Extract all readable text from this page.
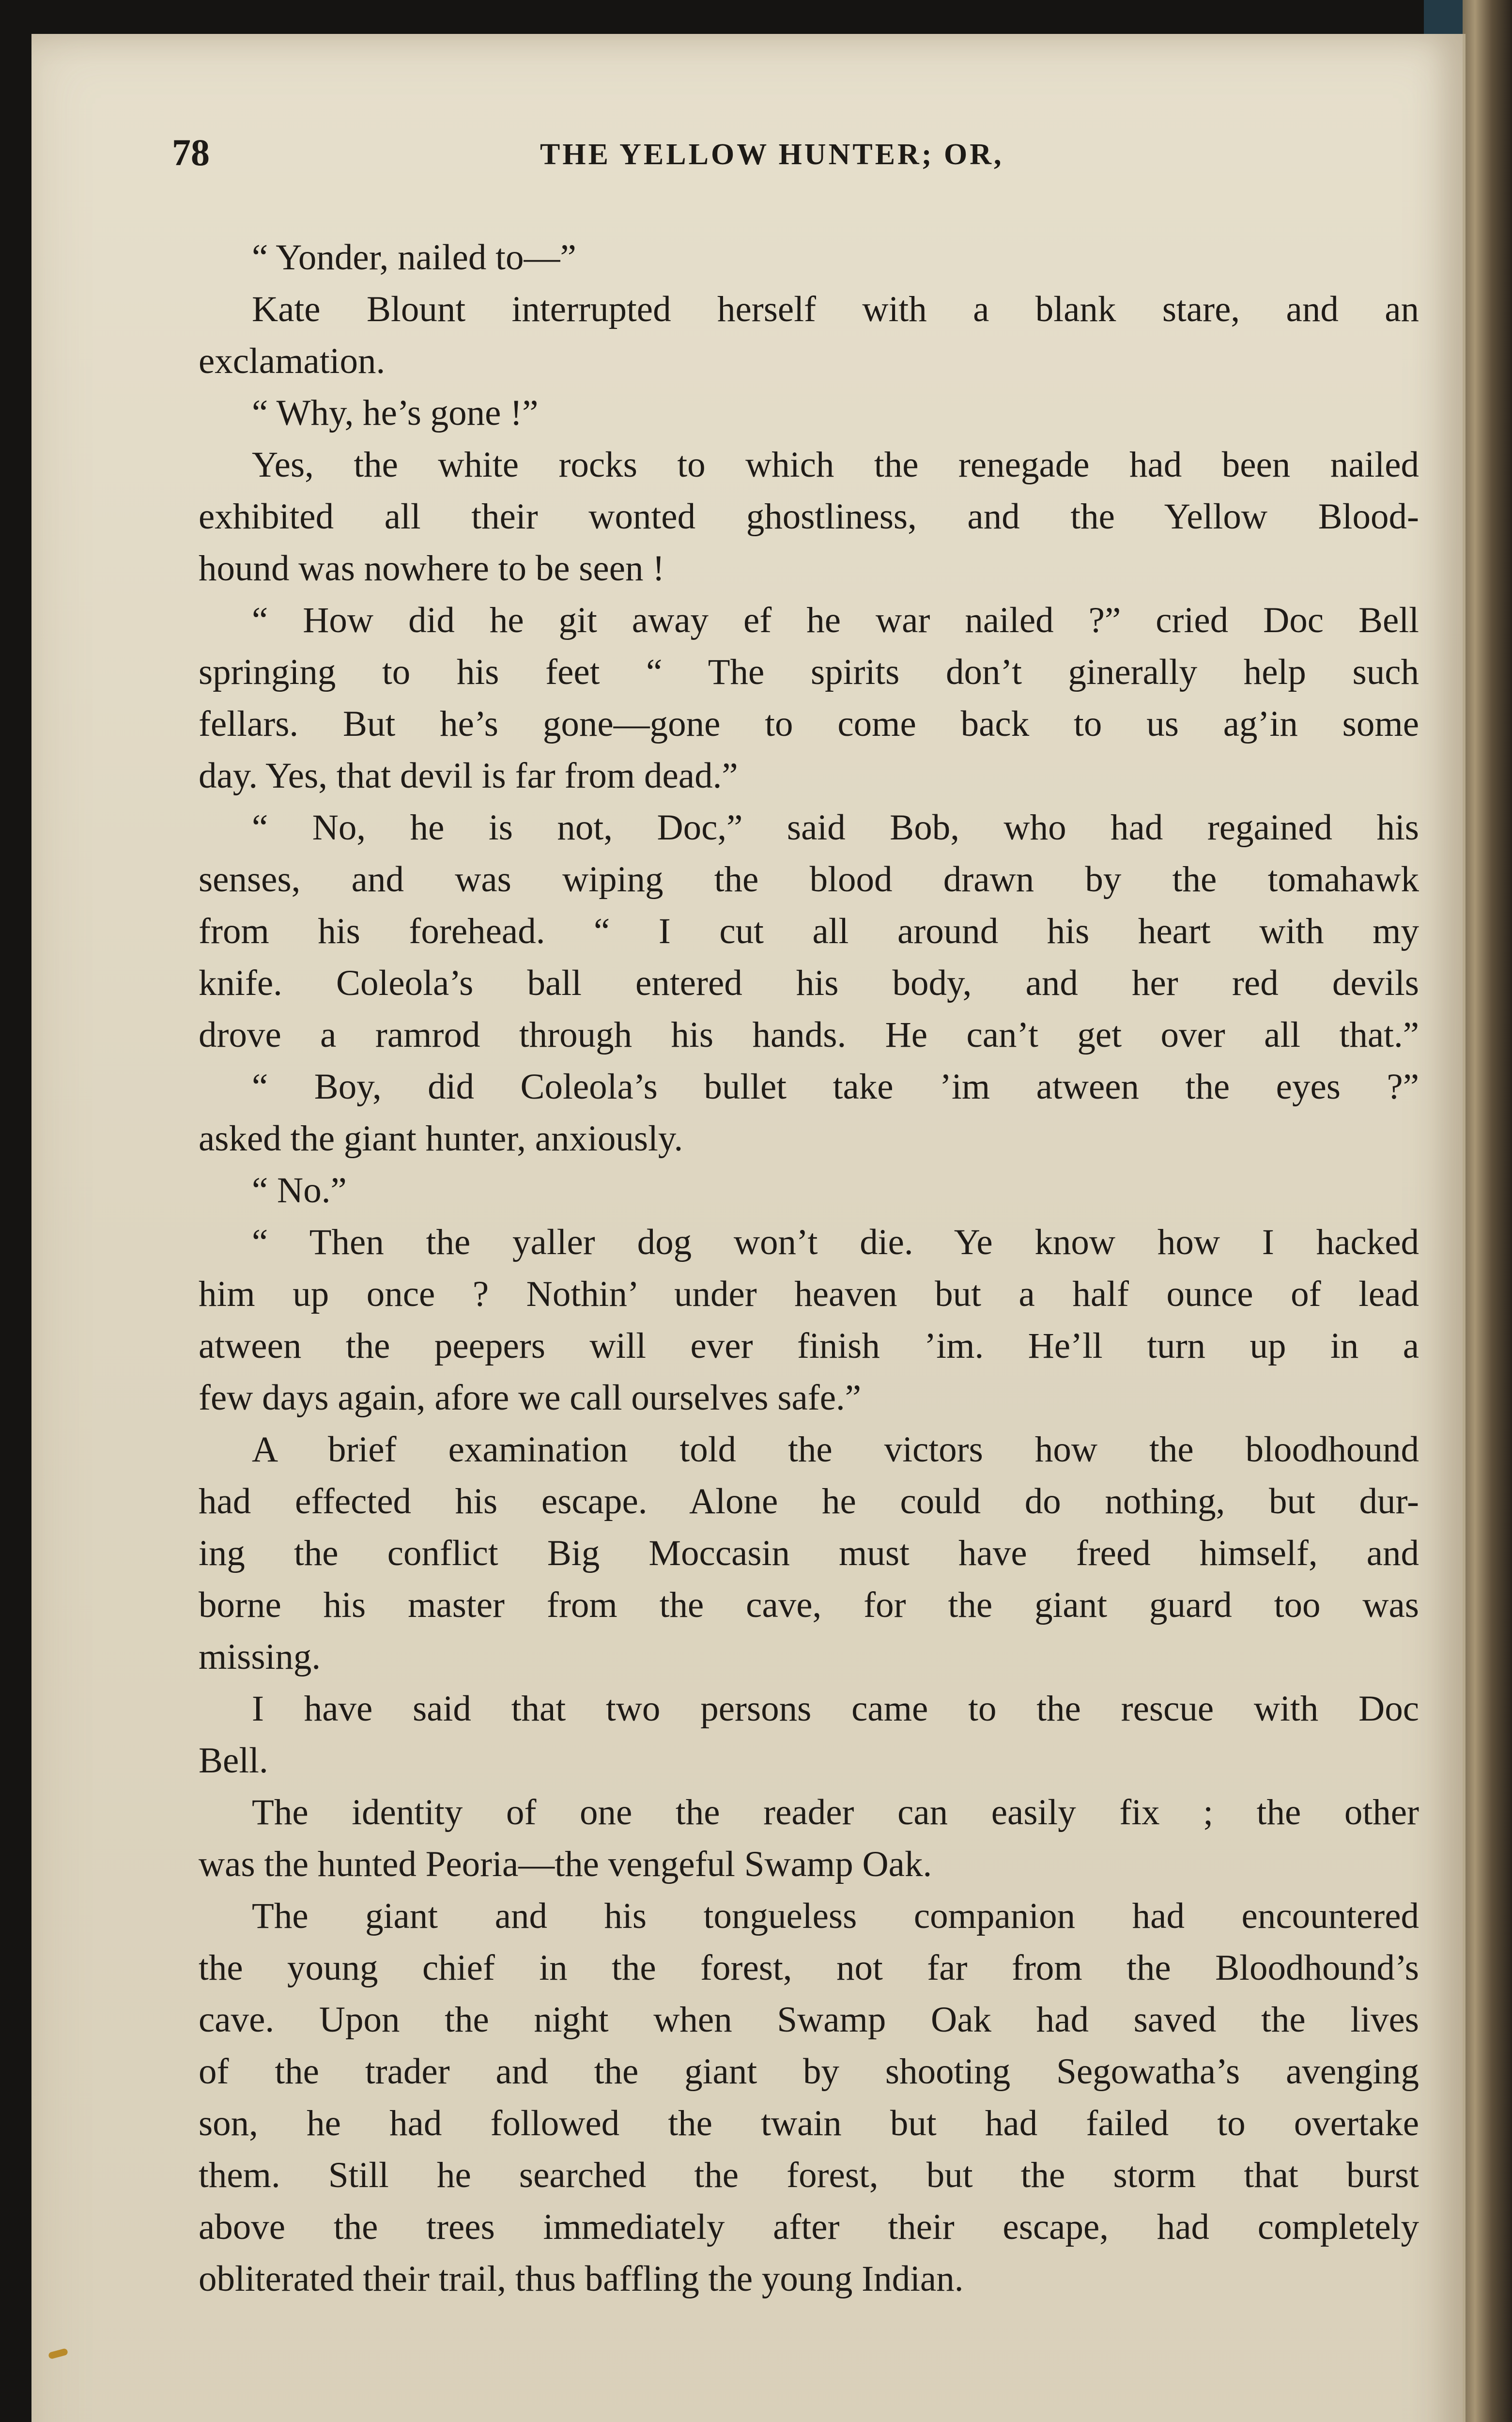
78	THE YELLOW HUNTER; OR,
“ Yonder, nailed to—”
Kate Blount interrupted herself with a blank stare, and an
exclamation.
“ Why, he’s gone !”
Yes, the white rocks to which the renegade had been nailed
exhibited all their wonted ghostliness, and the Yellow Blood-
hound was nowhere to be seen !
“ How did he git away ef he war nailed ?” cried Doc Bell
springing to his feet “ The spirits don’t ginerally help such
fellars. But he’s gone—gone to come back to us ag’in some
day. Yes, that devil is far from dead.”
“ No, he is not, Doc,” said Bob, who had regained his
senses, and was wiping the blood drawn by the tomahawk
from his forehead. “ I cut all around his heart with my
knife. Coleola’s ball entered his body, and her red devils
drove a ramrod through his hands. He can’t get over all that.”
“ Boy, did Coleola’s bullet take ’im atween the eyes ?”
asked the giant hunter, anxiously.
“ No.”
“ Then the yaller dog won’t die. Ye know how I hacked
him up once ? Nothin’ under heaven but a half ounce of lead
atween the peepers will ever finish ’im. He’ll turn up in a
few days again, afore we call ourselves safe.”
A brief examination told the victors how the bloodhound
had effected his escape. Alone he could do nothing, but dur-
ing the conflict Big Moccasin must have freed himself, and
borne his master from the cave, for the giant guard too was
missing.
I have said that two persons came to the rescue with Doc
Bell.
The identity of one the reader can easily fix ; the other
was the hunted Peoria—the vengeful Swamp Oak.
The giant and his tongueless companion had encountered
the young chief in the forest, not far from the Bloodhound’s
cave. Upon the night when Swamp Oak had saved the lives
of the trader and the giant by shooting Segowatha’s avenging
son, he had followed the twain but had failed to overtake
them. Still he searched the forest, but the storm that burst
above the trees immediately after their escape, had completely
obliterated their trail, thus baffling the young Indian.
